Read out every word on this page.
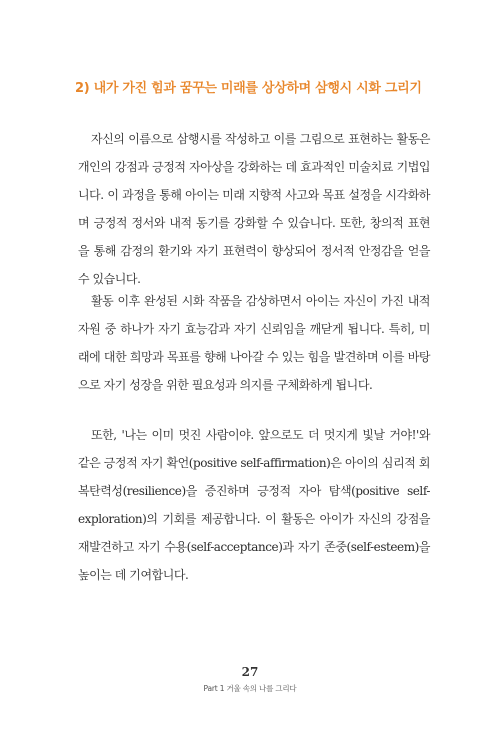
2) 내가 가진 힘과 꿈꾸는 미래를 상상하며 삼행시 시화 그리기

자신의 이름으로 삼행시를 작성하고 이를 그림으로 표현하는 활동은 개인의 강점과 긍정적 자아상을 강화하는 데 효과적인 미술치료 기법입니다. 이 과정을 통해 아이는 미래 지향적 사고와 목표 설정을 시각화하며 긍정적 정서와 내적 동기를 강화할 수 있습니다. 또한, 창의적 표현을 통해 감정의 환기와 자기 표현력이 향상되어 정서적 안정감을 얻을 수 있습니다.

활동 이후 완성된 시화 작품을 감상하면서 아이는 자신이 가진 내적 자원 중 하나가 자기 효능감과 자기 신뢰임을 깨닫게 됩니다. 특히, 미래에 대한 희망과 목표를 향해 나아갈 수 있는 힘을 발견하며 이를 바탕으로 자기 성장을 위한 필요성과 의지를 구체화하게 됩니다.

또한, '나는 이미 멋진 사람이야. 앞으로도 더 멋지게 빛날 거야!'와 같은 긍정적 자기 확언(positive self-affirmation)은 아이의 심리적 회복탄력성(resilience)을 증진하며 긍정적 자아 탐색(positive self-exploration)의 기회를 제공합니다. 이 활동은 아이가 자신의 강점을 재발견하고 자기 수용(self-acceptance)과 자기 존중(self-esteem)을 높이는 데 기여합니다.

27
Part 1 거울 속의 나를 그리다
